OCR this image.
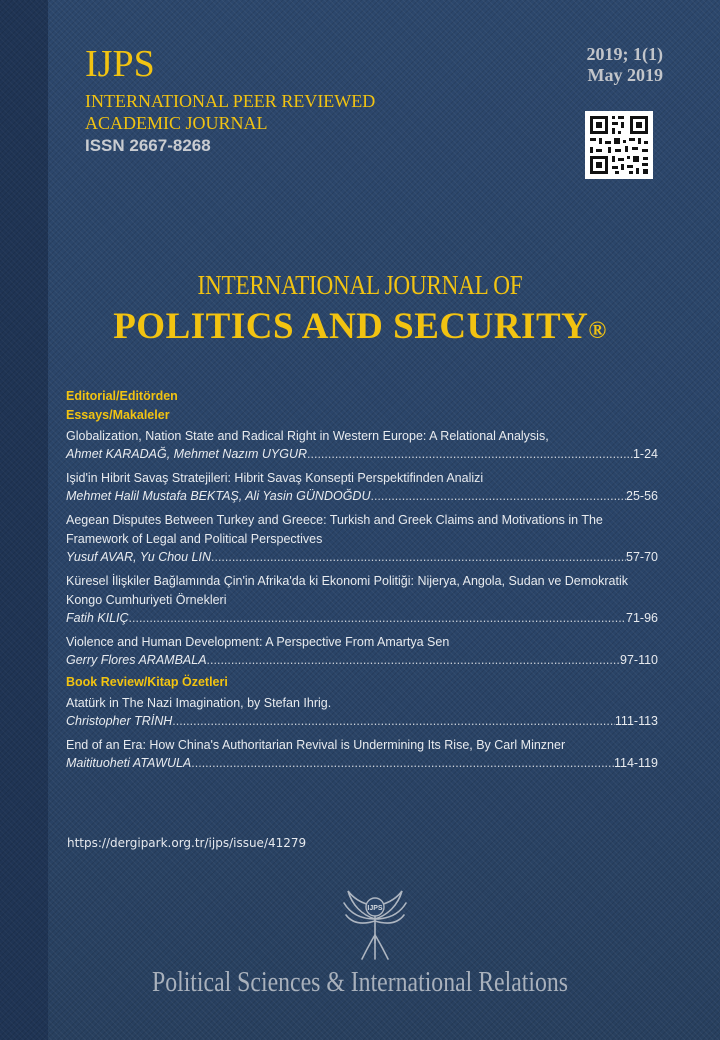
IJPS
INTERNATIONAL PEER REVIEWED
ACADEMIC JOURNAL
ISSN 2667-8268
2019; 1(1)
May 2019
INTERNATIONAL JOURNAL OF
POLITICS AND SECURITY®
Editorial/Editörden
Essays/Makaleler
Globalization, Nation State and Radical Right in Western Europe: A Relational Analysis,
Ahmet KARADAĞ, Mehmet Nazım UYGUR .....	1-24
Işid'in Hibrit Savaş Stratejileri: Hibrit Savaş Konsepti Perspektifinden Analizi
Mehmet Halil Mustafa BEKTAŞ, Ali Yasin GÜNDOĞDU .....	25-56
Aegean Disputes Between Turkey and Greece: Turkish and Greek Claims and Motivations in The Framework of Legal and Political Perspectives
Yusuf AVAR, Yu Chou LIN .....	57-70
Küresel İlişkiler Bağlamında Çin'in Afrika'da ki Ekonomi Politiği: Nijerya, Angola, Sudan ve Demokratik Kongo Cumhuriyeti Örnekleri
Fatih KILIÇ .....	71-96
Violence and Human Development: A Perspective From Amartya Sen
Gerry Flores ARAMBALA .....	97-110
Book Review/Kitap Özetleri
Atatürk in The Nazi Imagination, by Stefan Ihrig.
Christopher TRİNH .....	111-113
End of an Era: How China's Authoritarian Revival is Undermining Its Rise, By Carl Minzner
Maitituoheti ATAWULA .....	114-119
https://dergipark.org.tr/ijps/issue/41279
IJPS
Political Sciences & International Relations
